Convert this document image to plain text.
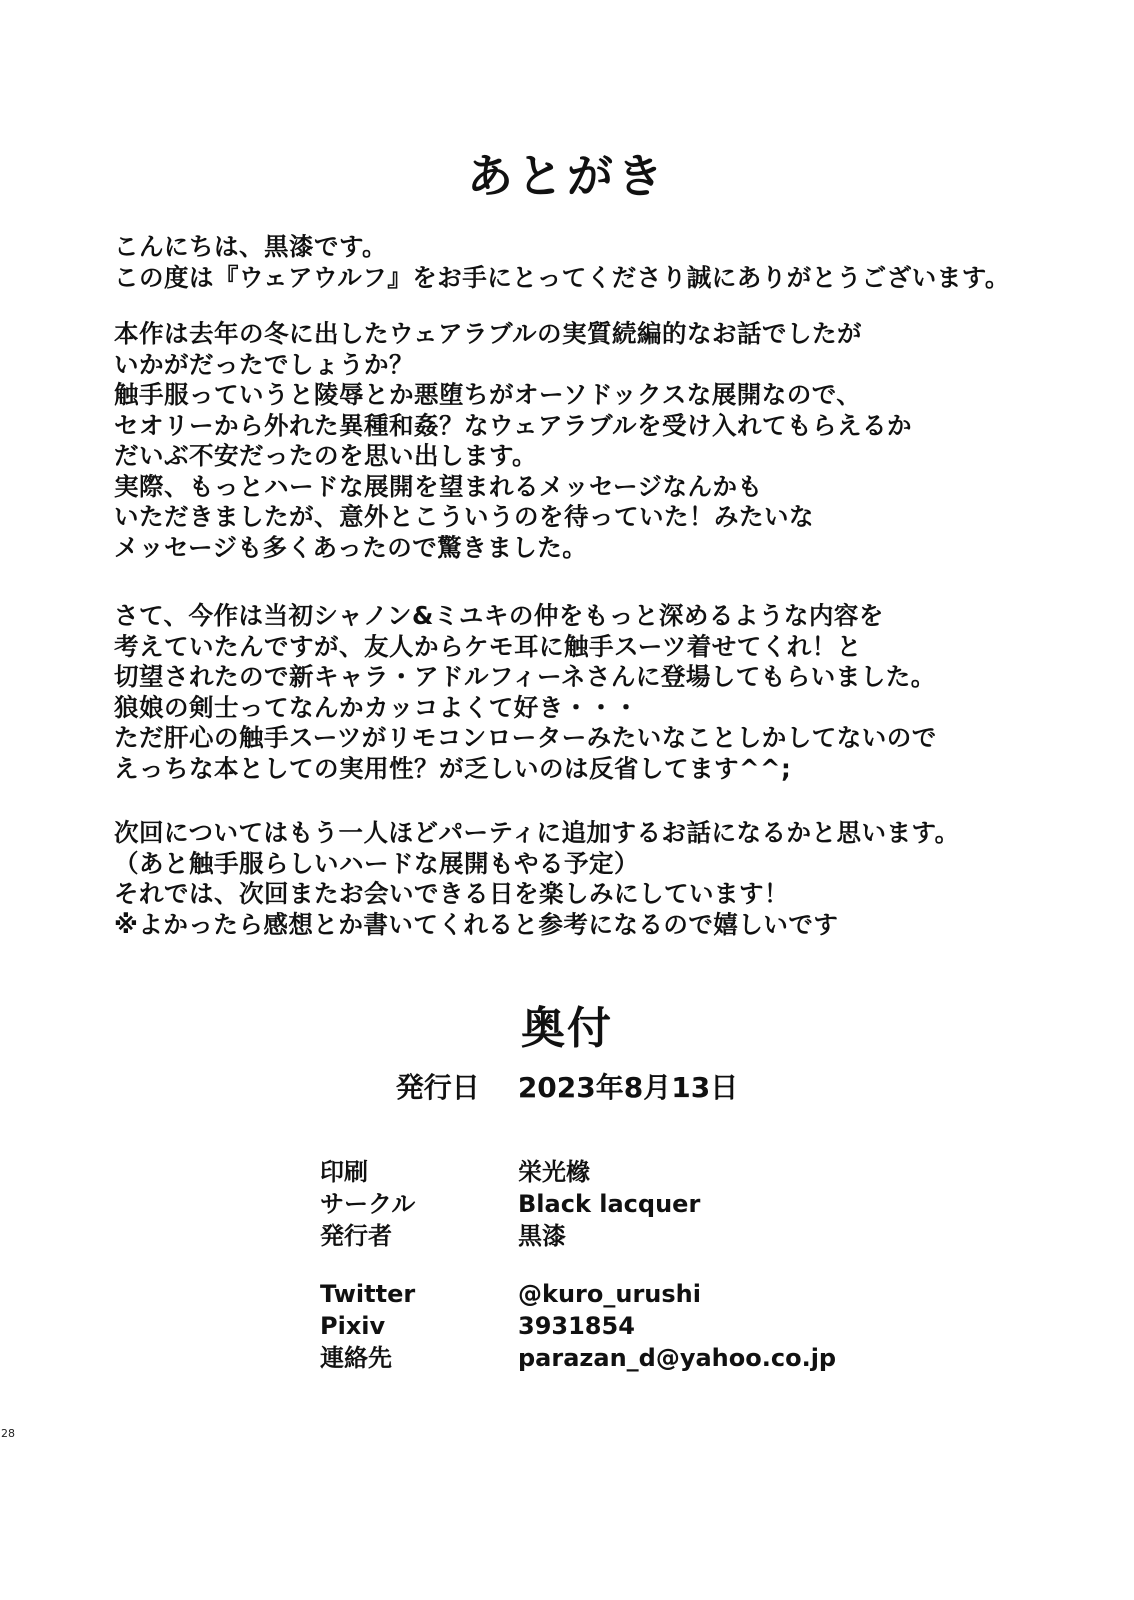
あとがき
こんにちは、黒漆です。
この度は『ウェアウルフ』をお手にとってくださり誠にありがとうございます。
本作は去年の冬に出したウェアラブルの実質続編的なお話でしたが
いかがだったでしょうか？
触手服っていうと陵辱とか悪堕ちがオーソドックスな展開なので、
セオリーから外れた異種和姦？なウェアラブルを受け入れてもらえるか
だいぶ不安だったのを思い出します。
実際、もっとハードな展開を望まれるメッセージなんかも
いただきましたが、意外とこういうのを待っていた！みたいな
メッセージも多くあったので驚きました。
さて、今作は当初シャノン&ミユキの仲をもっと深めるような内容を
考えていたんですが、友人からケモ耳に触手スーツ着せてくれ！と
切望されたので新キャラ・アドルフィーネさんに登場してもらいました。
狼娘の剣士ってなんかカッコよくて好き・・・
ただ肝心の触手スーツがリモコンローターみたいなことしかしてないので
えっちな本としての実用性？が乏しいのは反省してます^^;
次回についてはもう一人ほどパーティに追加するお話になるかと思います。
（あと触手服らしいハードな展開もやる予定）
それでは、次回またお会いできる日を楽しみにしています！
※よかったら感想とか書いてくれると参考になるので嬉しいです
奥付
発行日 2023年8月13日
印刷	栄光橼
サークル	Black lacquer
発行者	黒漆
Twitter	@kuro_urushi
Pixiv	3931854
連絡先	parazan_d@yahoo.co.jp
28
